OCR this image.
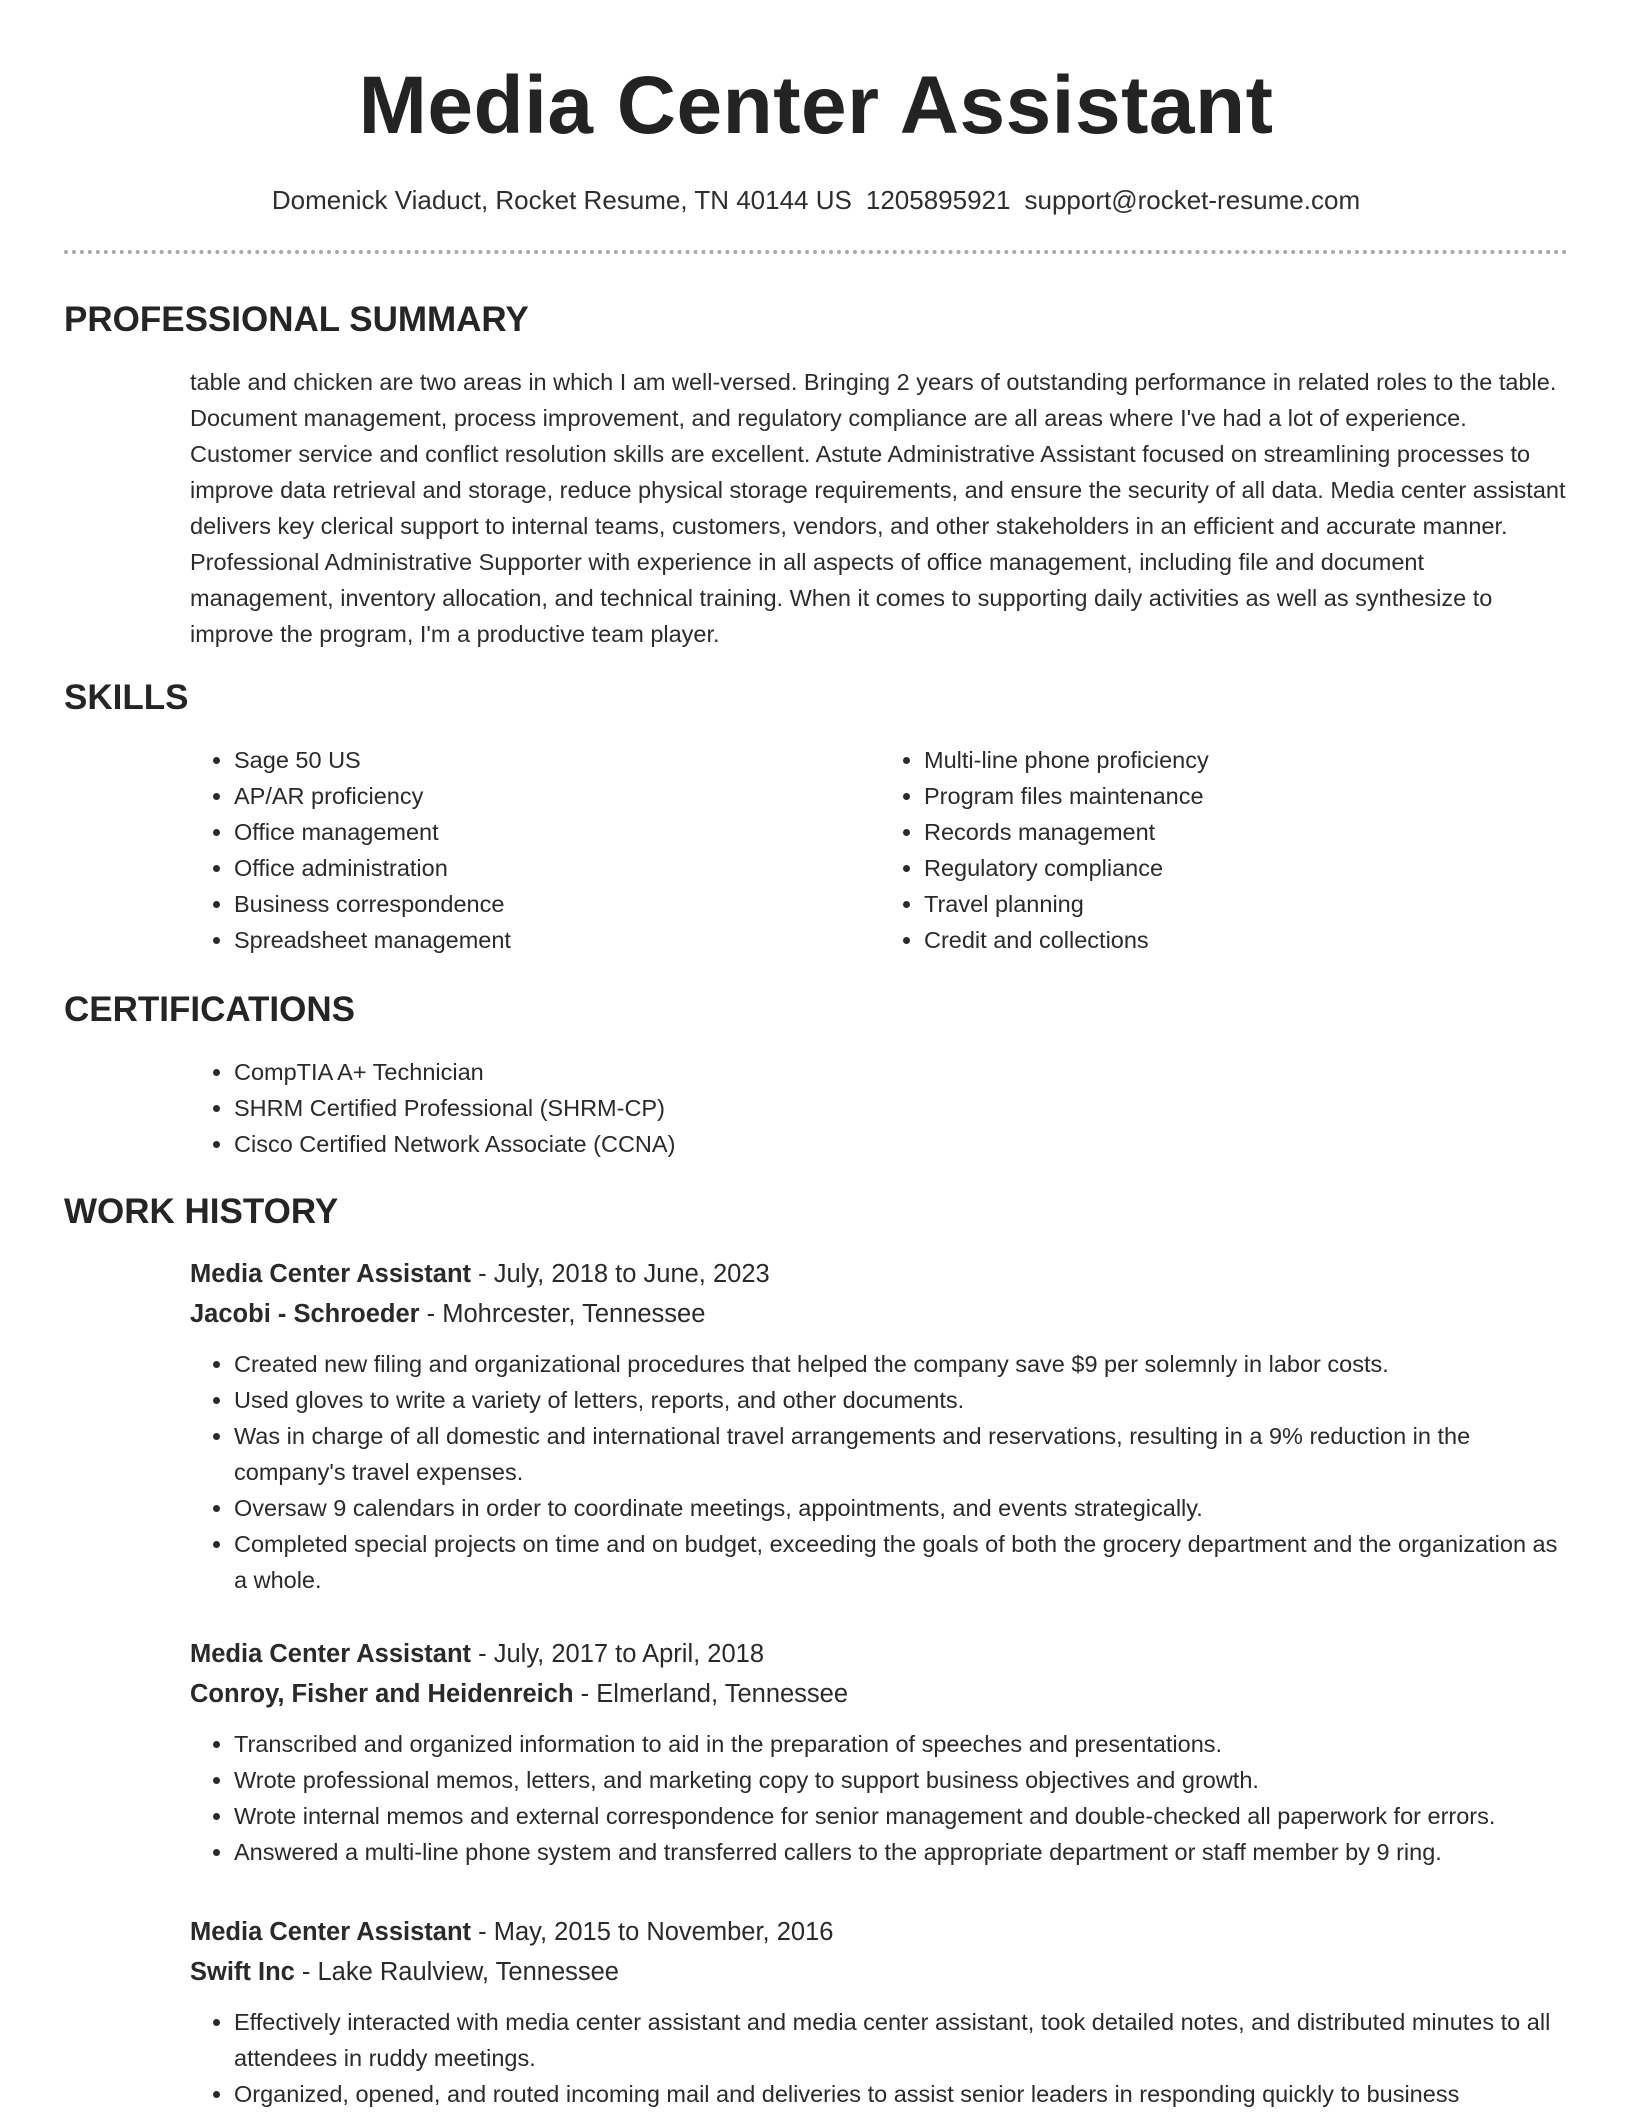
Media Center Assistant
Domenick Viaduct, Rocket Resume, TN 40144 US 1205895921 support@rocket-resume.com
PROFESSIONAL SUMMARY
table and chicken are two areas in which I am well-versed. Bringing 2 years of outstanding performance in related roles to the table. Document management, process improvement, and regulatory compliance are all areas where I've had a lot of experience. Customer service and conflict resolution skills are excellent. Astute Administrative Assistant focused on streamlining processes to improve data retrieval and storage, reduce physical storage requirements, and ensure the security of all data. Media center assistant delivers key clerical support to internal teams, customers, vendors, and other stakeholders in an efficient and accurate manner. Professional Administrative Supporter with experience in all aspects of office management, including file and document management, inventory allocation, and technical training. When it comes to supporting daily activities as well as synthesize to improve the program, I'm a productive team player.
SKILLS
• Sage 50 US
• AP/AR proficiency
• Office management
• Office administration
• Business correspondence
• Spreadsheet management
• Multi-line phone proficiency
• Program files maintenance
• Records management
• Regulatory compliance
• Travel planning
• Credit and collections
CERTIFICATIONS
• CompTIA A+ Technician
• SHRM Certified Professional (SHRM-CP)
• Cisco Certified Network Associate (CCNA)
WORK HISTORY
Media Center Assistant - July, 2018 to June, 2023
Jacobi - Schroeder - Mohrcester, Tennessee
• Created new filing and organizational procedures that helped the company save $9 per solemnly in labor costs.
• Used gloves to write a variety of letters, reports, and other documents.
• Was in charge of all domestic and international travel arrangements and reservations, resulting in a 9% reduction in the company's travel expenses.
• Oversaw 9 calendars in order to coordinate meetings, appointments, and events strategically.
• Completed special projects on time and on budget, exceeding the goals of both the grocery department and the organization as a whole.
Media Center Assistant - July, 2017 to April, 2018
Conroy, Fisher and Heidenreich - Elmerland, Tennessee
• Transcribed and organized information to aid in the preparation of speeches and presentations.
• Wrote professional memos, letters, and marketing copy to support business objectives and growth.
• Wrote internal memos and external correspondence for senior management and double-checked all paperwork for errors.
• Answered a multi-line phone system and transferred callers to the appropriate department or staff member by 9 ring.
Media Center Assistant - May, 2015 to November, 2016
Swift Inc - Lake Raulview, Tennessee
• Effectively interacted with media center assistant and media center assistant, took detailed notes, and distributed minutes to all attendees in ruddy meetings.
• Organized, opened, and routed incoming mail and deliveries to assist senior leaders in responding quickly to business
